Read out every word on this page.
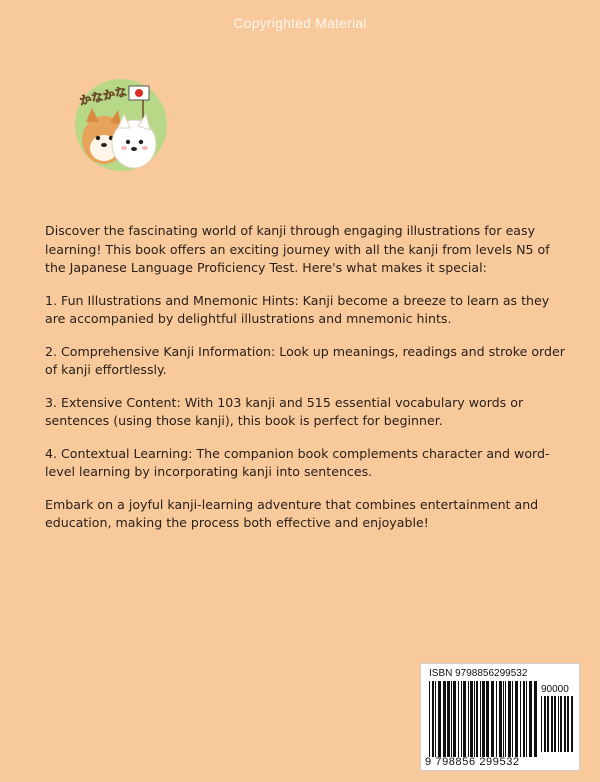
Copyrighted Material
かなかな

Discover the fascinating world of kanji through engaging illustrations for easy learning! This book offers an exciting journey with all the kanji from levels N5 of the Japanese Language Proficiency Test. Here's what makes it special:

1. Fun Illustrations and Mnemonic Hints: Kanji become a breeze to learn as they are accompanied by delightful illustrations and mnemonic hints.

2. Comprehensive Kanji Information: Look up meanings, readings and stroke order of kanji effortlessly.

3. Extensive Content: With 103 kanji and 515 essential vocabulary words or sentences (using those kanji), this book is perfect for beginner.

4. Contextual Learning: The companion book complements character and word-level learning by incorporating kanji into sentences.

Embark on a joyful kanji-learning adventure that combines entertainment and education, making the process both effective and enjoyable!

ISBN 9798856299532
90000
9 798856 299532
